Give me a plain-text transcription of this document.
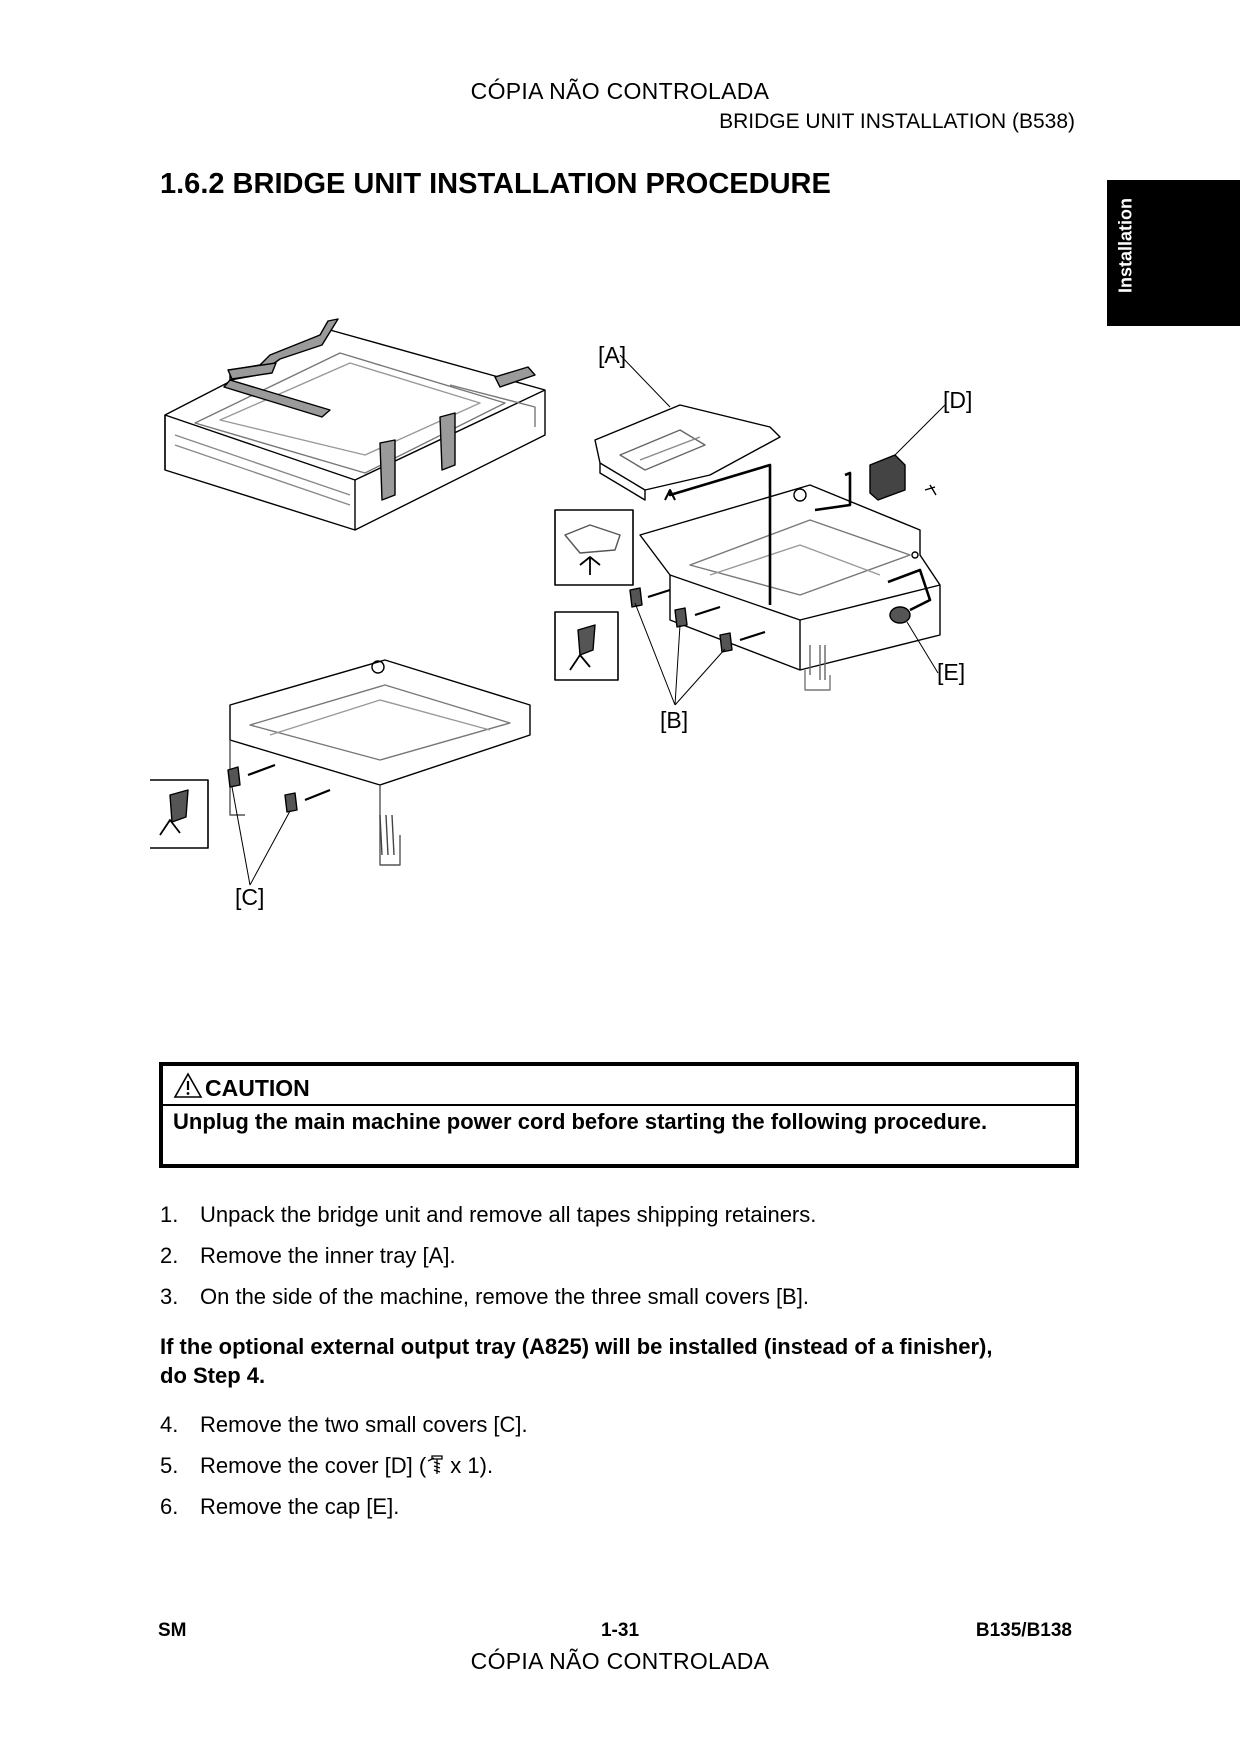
CÓPIA NÃO CONTROLADA
BRIDGE UNIT INSTALLATION (B538)
1.6.2 BRIDGE UNIT INSTALLATION PROCEDURE
Installation
[A]
[B]
[C]
[D]
[E]
CAUTION
Unplug the main machine power cord before starting the following procedure.
1. Unpack the bridge unit and remove all tapes shipping retainers.
2. Remove the inner tray [A].
3. On the side of the machine, remove the three small covers [B].
If the optional external output tray (A825) will be installed (instead of a finisher), do Step 4.
4. Remove the two small covers [C].
5. Remove the cover [D] ( x 1).
6. Remove the cap [E].
SM	1-31	B135/B138
CÓPIA NÃO CONTROLADA
